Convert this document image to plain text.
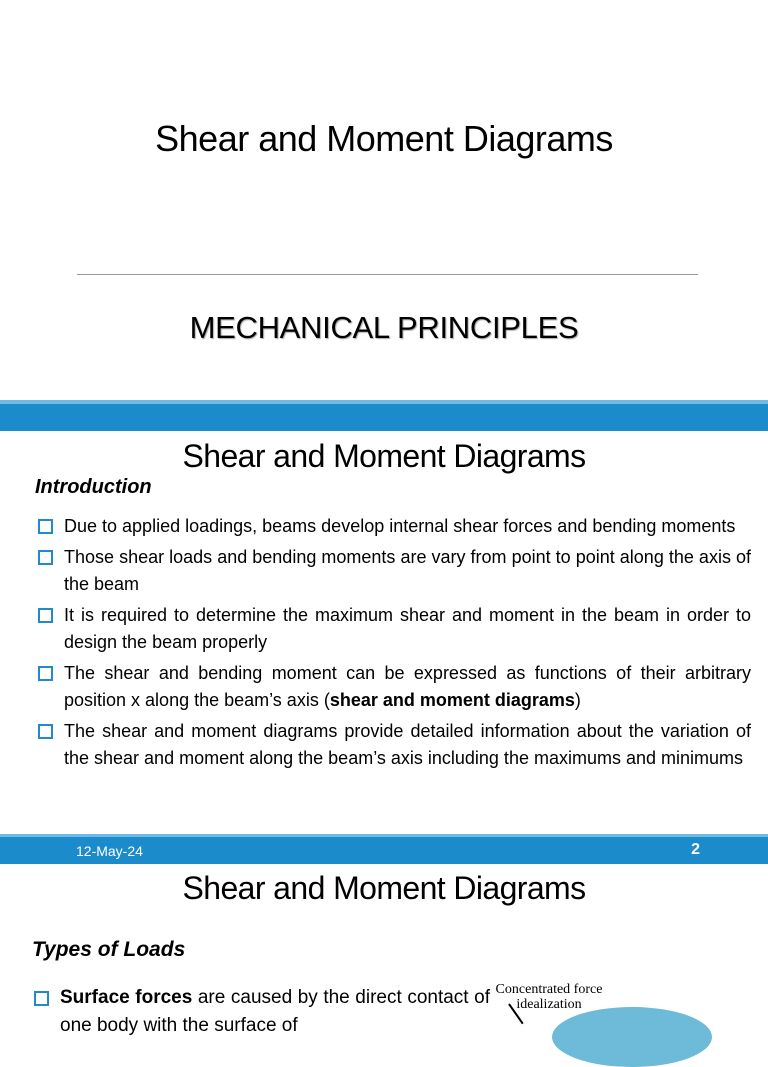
Shear and Moment Diagrams
MECHANICAL PRINCIPLES
Shear and Moment Diagrams
Introduction
Due to applied loadings, beams develop internal shear forces and bending moments
Those shear loads and bending moments are vary from point to point along the axis of the beam
It is required to determine the maximum shear and moment in the beam in order to design the beam properly
The shear and bending moment can be expressed as functions of their arbitrary position x along the beam’s axis (shear and moment diagrams)
The shear and moment diagrams provide detailed information about the variation of the shear and moment along the beam’s axis including the maximums and minimums
12-May-24	2
Shear and Moment Diagrams
Types of Loads
Surface forces are caused by the direct contact of one body with the surface of
Concentrated force idealization
